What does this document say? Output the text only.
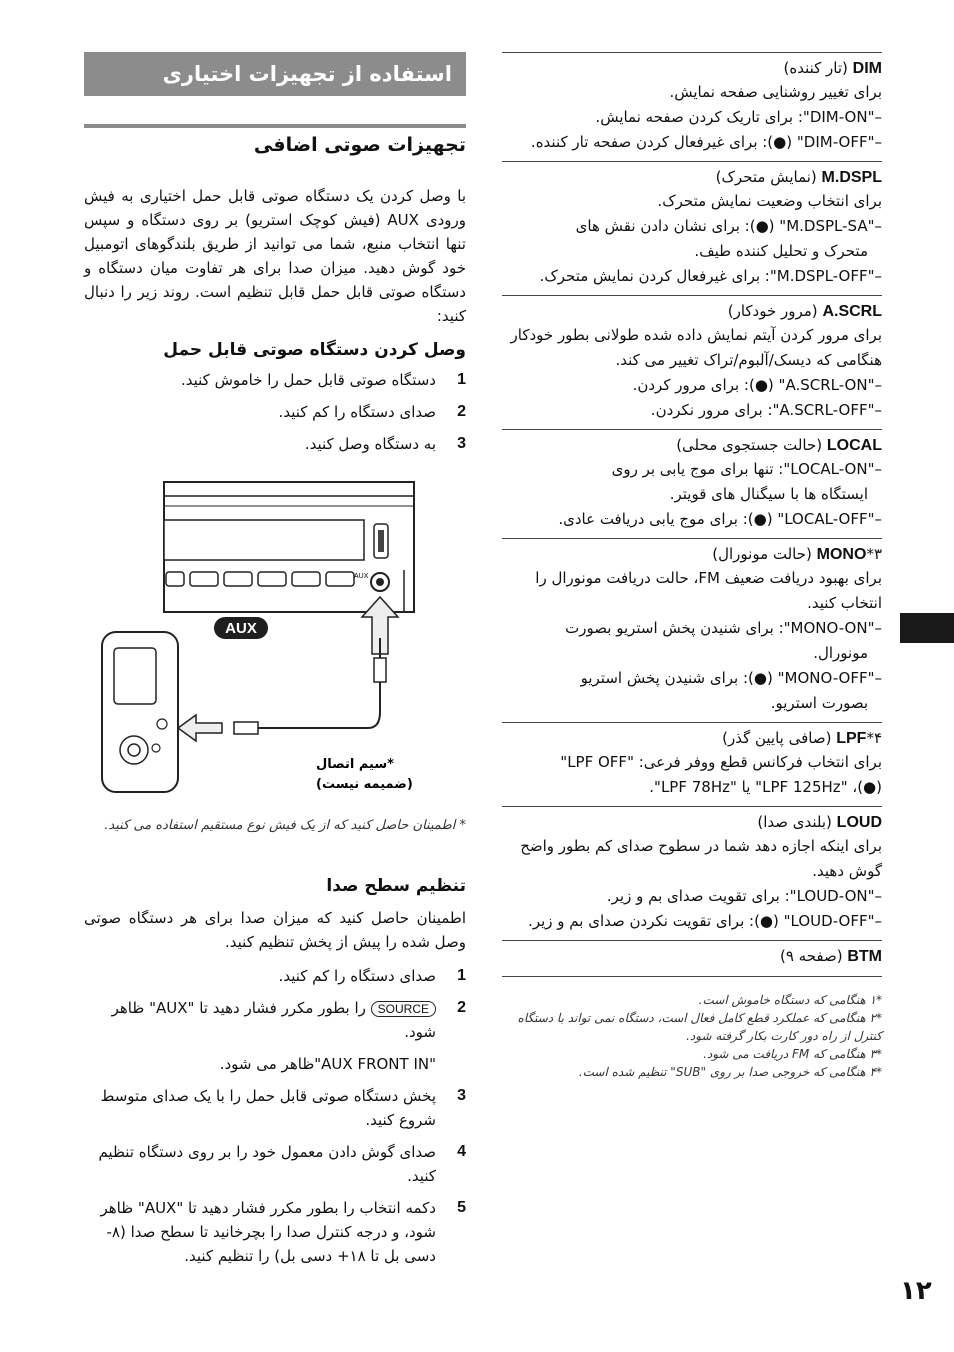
استفاده از تجهیزات اختیاری
تجهیزات صوتی اضافی
با وصل کردن یک دستگاه صوتی قابل حمل اختیاری به فیش ورودی AUX (فیش کوچک استریو) بر روی دستگاه و سپس تنها انتخاب منبع، شما می توانید از طریق بلندگوهای اتومبیل خود گوش دهید. میزان صدا برای هر تفاوت میان دستگاه و دستگاه صوتی قابل حمل قابل تنظیم است. روند زیر را دنبال کنید:
وصل کردن دستگاه صوتی قابل حمل
1
دستگاه صوتی قابل حمل را خاموش کنید.
2
صدای دستگاه را کم کنید.
3
به دستگاه وصل کنید.
AUX
AUX
*سیم اتصال
(ضمیمه نیست)
* اطمینان حاصل کنید که از یک فیش نوع مستقیم استفاده می کنید.
تنظیم سطح صدا
اطمینان حاصل کنید که میزان صدا برای هر دستگاه صوتی وصل شده را پیش از پخش تنظیم کنید.
1
صدای دستگاه را کم کنید.
2
SOURCE را بطور مکرر فشار دهید تا "AUX" ظاهر شود.
"AUX FRONT IN"ظاهر می شود.
3
پخش دستگاه صوتی قابل حمل را با یک صدای متوسط شروع کنید.
4
صدای گوش دادن معمول خود را بر روی دستگاه تنظیم کنید.
5
دکمه انتخاب را بطور مکرر فشار دهید تا "AUX" ظاهر شود، و درجه کنترل صدا را بچرخانید تا سطح صدا (۸- دسی بل تا ۱۸+ دسی بل) را تنظیم کنید.
DIM (تار کننده)
برای تغییر روشنایی صفحه نمایش.
–"DIM-ON": برای تاریک کردن صفحه نمایش.
–"DIM-OFF" (●): برای غیرفعال کردن صفحه تار کننده.
M.DSPL (نمایش متحرک)
برای انتخاب وضعیت نمایش متحرک.
–"M.DSPL-SA" (●): برای نشان دادن نقش های
متحرک و تحلیل کننده طیف.
–"M.DSPL-OFF": برای غیرفعال کردن نمایش متحرک.
A.SCRL (مرور خودکار)
برای مرور کردن آیتم نمایش داده شده طولانی بطور خودکار هنگامی که دیسک/آلبوم/تراک تغییر می کند.
–"A.SCRL-ON" (●): برای مرور کردن.
–"A.SCRL-OFF": برای مرور نکردن.
LOCAL (حالت جستجوی محلی)
–"LOCAL-ON": تنها برای موج یابی بر روی
ایستگاه ها با سیگنال های قویتر.
–"LOCAL-OFF" (●): برای موج یابی دریافت عادی.
MONO*۳ (حالت مونورال)
برای بهبود دریافت ضعیف FM، حالت دریافت مونورال را انتخاب کنید.
–"MONO-ON": برای شنیدن پخش استریو بصورت
مونورال.
–"MONO-OFF" (●): برای شنیدن پخش استریو
بصورت استریو.
LPF*۴ (صافی پایین گذر)
برای انتخاب فرکانس قطع ووفر فرعی: "LPF OFF"
(●)، "LPF 125Hz" یا "LPF 78Hz".
LOUD (بلندی صدا)
برای اینکه اجازه دهد شما در سطوح صدای کم بطور واضح گوش دهید.
–"LOUD-ON": برای تقویت صدای بم و زیر.
–"LOUD-OFF" (●): برای تقویت نکردن صدای بم و زیر.
BTM (صفحه ۹)
*۱ هنگامی که دستگاه خاموش است.
*۲ هنگامی که عملکرد قطع کامل فعال است، دستگاه نمی تواند با دستگاه کنترل از راه دور کارت بکار گرفته شود.
*۳ هنگامی که FM دریافت می شود.
*۴ هنگامی که خروجی صدا بر روی "SUB" تنظیم شده است.
۱۲
